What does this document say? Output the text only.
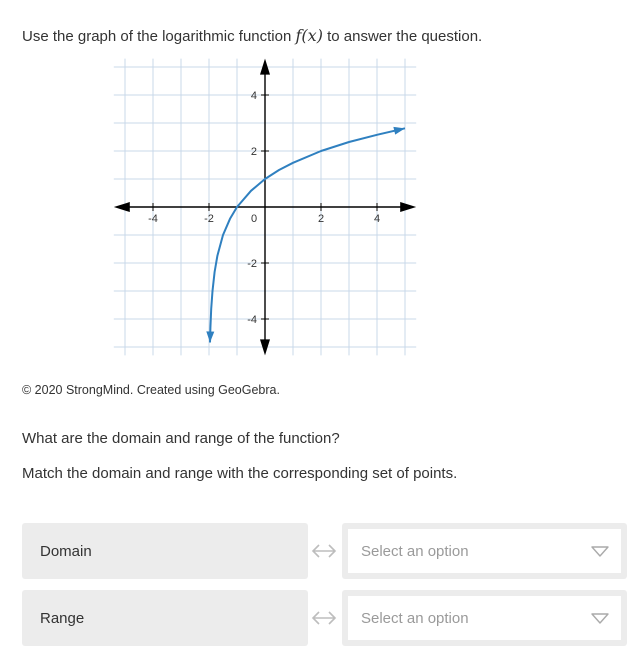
Use the graph of the logarithmic function f(x) to answer the question.
-4	-2	0	2	4
4
2
-2
-4
© 2020 StrongMind. Created using GeoGebra.
What are the domain and range of the function?
Match the domain and range with the corresponding set of points.
Domain	Select an option
Range	Select an option
